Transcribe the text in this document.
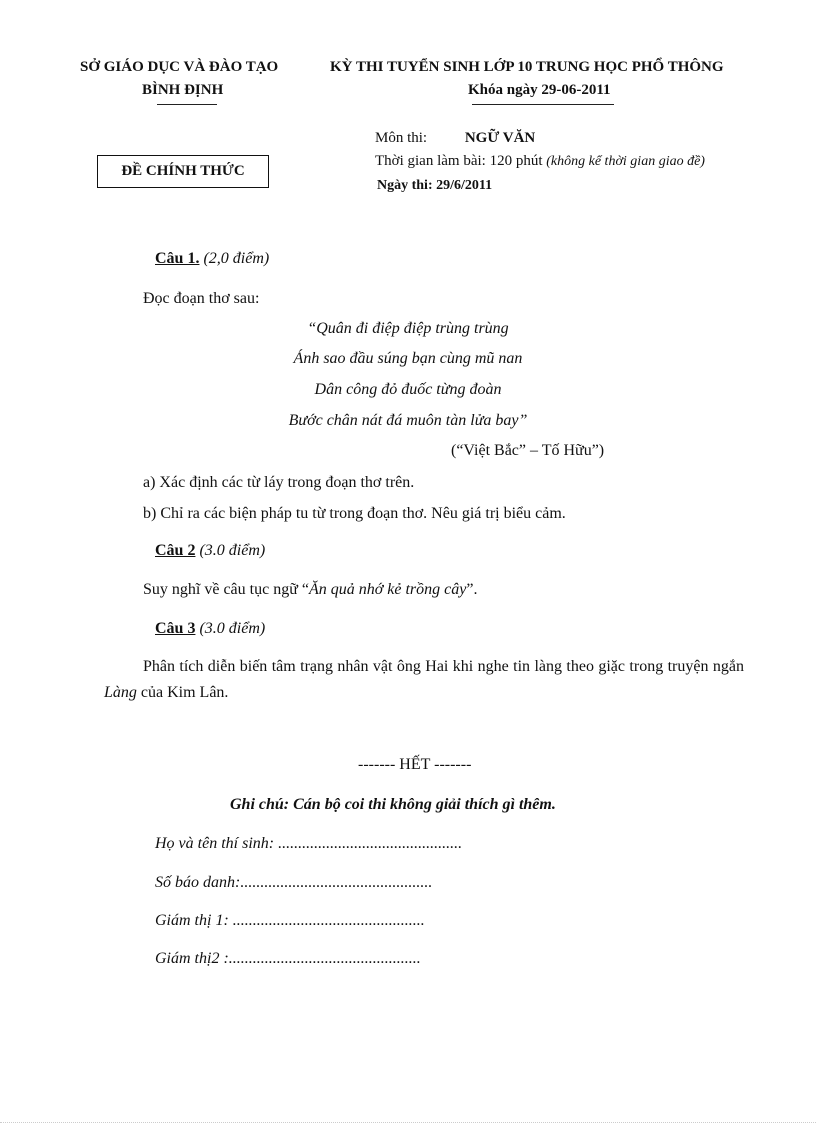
SỞ GIÁO DỤC VÀ ĐÀO TẠO
BÌNH ĐỊNH
KỲ THI TUYỂN SINH LỚP 10 TRUNG HỌC PHỔ THÔNG
Khóa ngày 29-06-2011
ĐỀ CHÍNH THỨC
Môn thi:	NGỮ VĂN
Thời gian làm bài: 120 phút (không kể thời gian giao đề)
Ngày thi: 29/6/2011
Câu 1. (2,0 điểm)
Đọc đoạn thơ sau:
“Quân đi điệp điệp trùng trùng
Ánh sao đầu súng bạn cùng mũ nan
Dân công đỏ đuốc từng đoàn
Bước chân nát đá muôn tàn lửa bay”
(“Việt Bắc” – Tố Hữu”)
a) Xác định các từ láy trong đoạn thơ trên.
b) Chỉ ra các biện pháp tu từ trong đoạn thơ. Nêu giá trị biểu cảm.
Câu 2 (3.0 điểm)
Suy nghĩ về câu tục ngữ “Ăn quả nhớ kẻ trồng cây”.
Câu 3 (3.0 điểm)
Phân tích diễn biến tâm trạng nhân vật ông Hai khi nghe tin làng theo giặc trong truyện ngắn Làng của Kim Lân.
------- HẾT -------
Ghi chú: Cán bộ coi thi không giải thích gì thêm.
Họ và tên thí sinh: ..............................................
Số báo danh:................................................
Giám thị 1: ................................................
Giám thị2 :................................................
